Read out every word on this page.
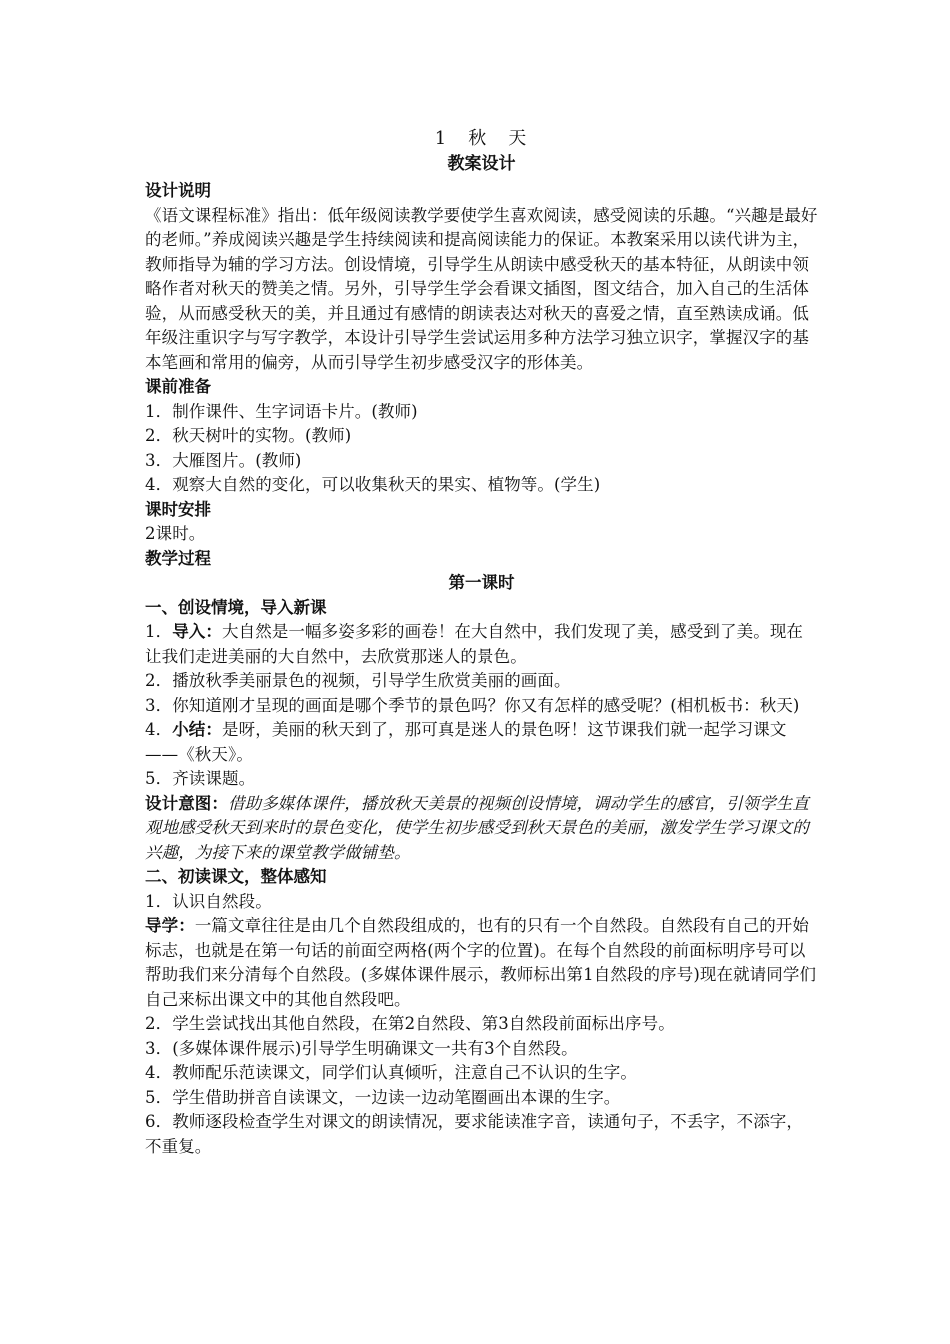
1　秋　天

教案设计

设计说明

《语文课程标准》指出：低年级阅读教学要使学生喜欢阅读，感受阅读的乐趣。“兴趣是最好的老师。”养成阅读兴趣是学生持续阅读和提高阅读能力的保证。本教案采用以读代讲为主，教师指导为辅的学习方法。创设情境，引导学生从朗读中感受秋天的基本特征，从朗读中领略作者对秋天的赞美之情。另外，引导学生学会看课文插图，图文结合，加入自己的生活体验，从而感受秋天的美，并且通过有感情的朗读表达对秋天的喜爱之情，直至熟读成诵。低年级注重识字与写字教学，本设计引导学生尝试运用多种方法学习独立识字，掌握汉字的基本笔画和常用的偏旁，从而引导学生初步感受汉字的形体美。

课前准备

1．制作课件、生字词语卡片。(教师)

2．秋天树叶的实物。(教师)

3．大雁图片。(教师)

4．观察大自然的变化，可以收集秋天的果实、植物等。(学生)

课时安排

2课时。

教学过程

第一课时

一、创设情境，导入新课

1．导入：大自然是一幅多姿多彩的画卷！在大自然中，我们发现了美，感受到了美。现在让我们走进美丽的大自然中，去欣赏那迷人的景色。

2．播放秋季美丽景色的视频，引导学生欣赏美丽的画面。

3．你知道刚才呈现的画面是哪个季节的景色吗？你又有怎样的感受呢？(相机板书：秋天)

4．小结：是呀，美丽的秋天到了，那可真是迷人的景色呀！这节课我们就一起学习课文——《秋天》。

5．齐读课题。

设计意图：借助多媒体课件，播放秋天美景的视频创设情境，调动学生的感官，引领学生直观地感受秋天到来时的景色变化，使学生初步感受到秋天景色的美丽，激发学生学习课文的兴趣，为接下来的课堂教学做铺垫。

二、初读课文，整体感知

1．认识自然段。

导学：一篇文章往往是由几个自然段组成的，也有的只有一个自然段。自然段有自己的开始标志，也就是在第一句话的前面空两格(两个字的位置)。在每个自然段的前面标明序号可以帮助我们来分清每个自然段。(多媒体课件展示，教师标出第1自然段的序号)现在就请同学们自己来标出课文中的其他自然段吧。

2．学生尝试找出其他自然段，在第2自然段、第3自然段前面标出序号。

3．(多媒体课件展示)引导学生明确课文一共有3个自然段。

4．教师配乐范读课文，同学们认真倾听，注意自己不认识的生字。

5．学生借助拼音自读课文，一边读一边动笔圈画出本课的生字。

6．教师逐段检查学生对课文的朗读情况，要求能读准字音，读通句子，不丢字，不添字，不重复。
